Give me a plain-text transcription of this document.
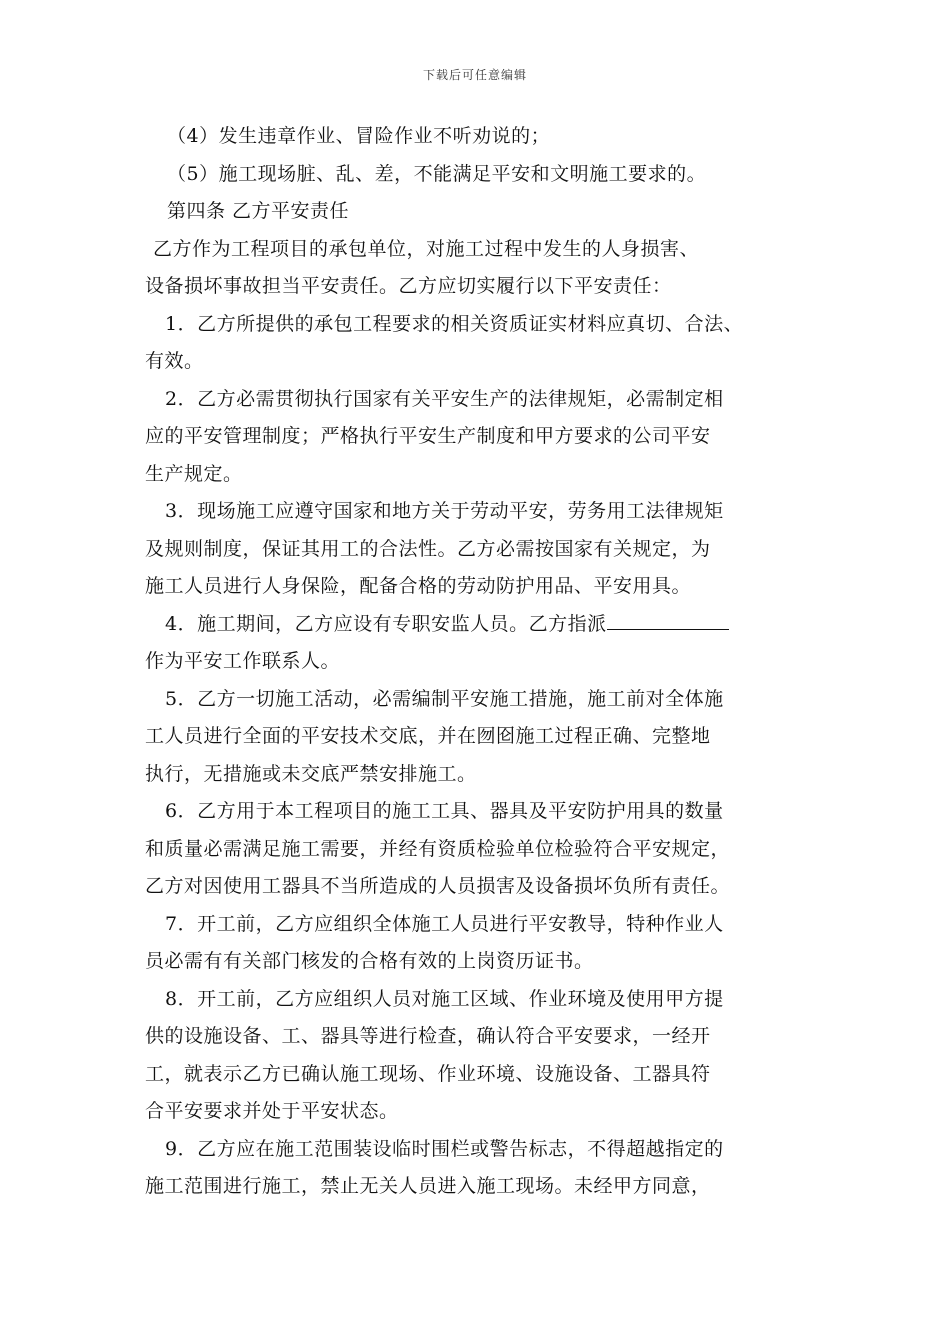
下载后可任意编辑

（4）发生违章作业、冒险作业不听劝说的；

（5）施工现场脏、乱、差，不能满足平安和文明施工要求的。

第四条 乙方平安责任

乙方作为工程项目的承包单位，对施工过程中发生的人身损害、

设备损坏事故担当平安责任。乙方应切实履行以下平安责任：

1．乙方所提供的承包工程要求的相关资质证实材料应真切、合法、

有效。

2．乙方必需贯彻执行国家有关平安生产的法律规矩，必需制定相

应的平安管理制度；严格执行平安生产制度和甲方要求的公司平安

生产规定。

3．现场施工应遵守国家和地方关于劳动平安，劳务用工法律规矩

及规则制度，保证其用工的合法性。乙方必需按国家有关规定，为

施工人员进行人身保险，配备合格的劳动防护用品、平安用具。

4．施工期间，乙方应设有专职安监人员。乙方指派

作为平安工作联系人。

5．乙方一切施工活动，必需编制平安施工措施，施工前对全体施

工人员进行全面的平安技术交底，并在囫囵施工过程正确、完整地

执行，无措施或未交底严禁安排施工。

6．乙方用于本工程项目的施工工具、器具及平安防护用具的数量

和质量必需满足施工需要，并经有资质检验单位检验符合平安规定，

乙方对因使用工器具不当所造成的人员损害及设备损坏负所有责任。

7．开工前，乙方应组织全体施工人员进行平安教导，特种作业人

员必需有有关部门核发的合格有效的上岗资历证书。

8．开工前，乙方应组织人员对施工区域、作业环境及使用甲方提

供的设施设备、工、器具等进行检查，确认符合平安要求，一经开

工，就表示乙方已确认施工现场、作业环境、设施设备、工器具符

合平安要求并处于平安状态。

9．乙方应在施工范围装设临时围栏或警告标志，不得超越指定的

施工范围进行施工，禁止无关人员进入施工现场。未经甲方同意，
